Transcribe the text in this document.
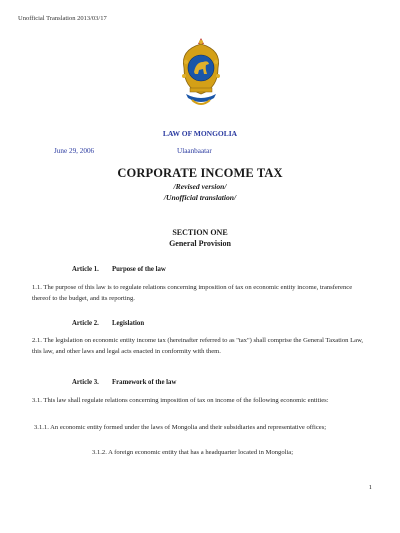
Unofficial Translation 2013/03/17
LAW OF MONGOLIA
June 29, 2006	Ulaanbaatar
CORPORATE INCOME TAX
/Revised version/
/Unofficial translation/
SECTION ONE
General Provision
Article 1. Purpose of the law
1.1. The purpose of this law is to regulate relations concerning imposition of tax on economic entity income, transference thereof to the budget, and its reporting.
Article 2. Legislation
2.1. The legislation on economic entity income tax (hereinafter referred to as "tax") shall comprise the General Taxation Law, this law, and other laws and legal acts enacted in conformity with them.
Article 3. Framework of the law
3.1. This law shall regulate relations concerning imposition of tax on income of the following economic entities:
3.1.1. An economic entity formed under the laws of Mongolia and their subsidiaries and representative offices;
3.1.2. A foreign economic entity that has a headquarter located in Mongolia;
1
